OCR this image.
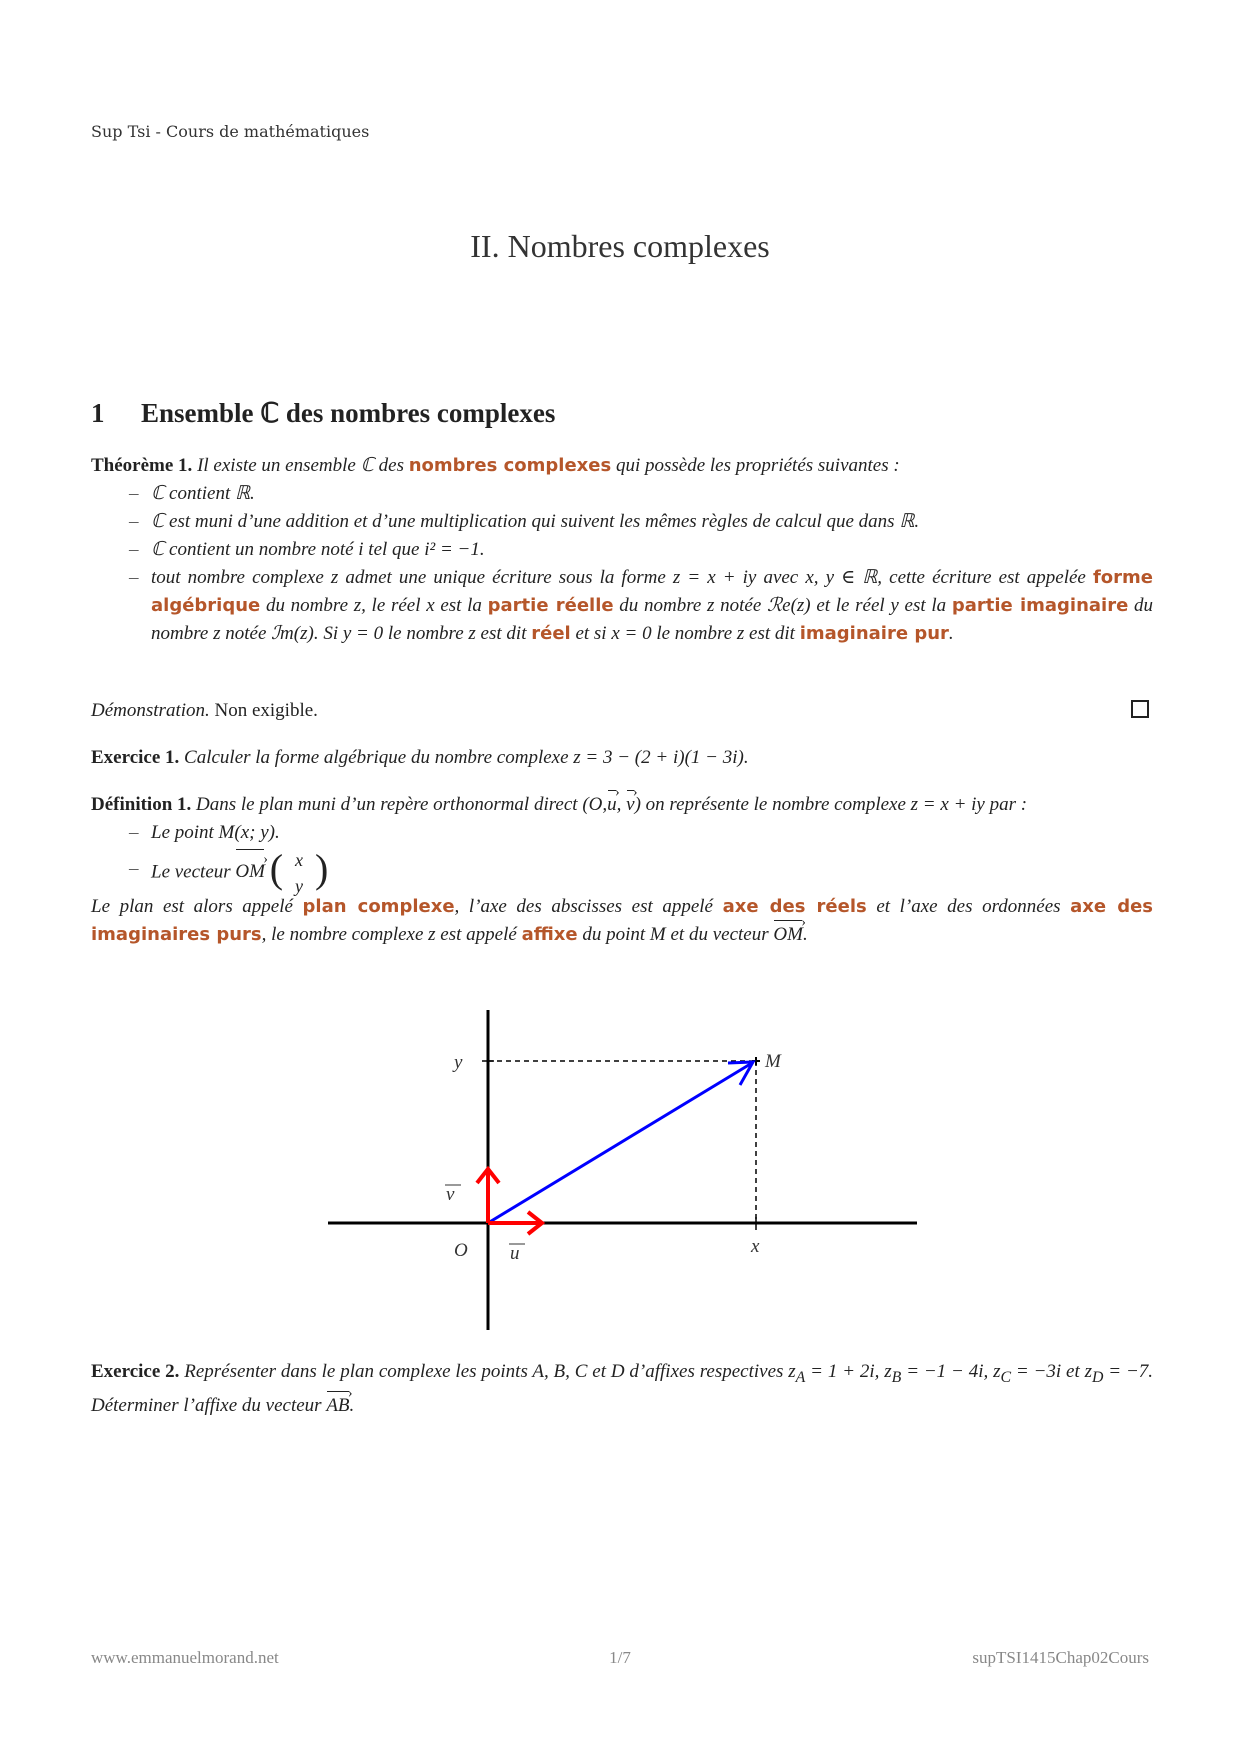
Sup Tsi - Cours de mathématiques
II. Nombres complexes
1 Ensemble ℂ des nombres complexes
Théorème 1. Il existe un ensemble ℂ des nombres complexes qui possède les propriétés suivantes :
– ℂ contient ℝ.
– ℂ est muni d’une addition et d’une multiplication qui suivent les mêmes règles de calcul que dans ℝ.
– ℂ contient un nombre noté i tel que i² = −1.
– tout nombre complexe z admet une unique écriture sous la forme z = x + iy avec x, y ∈ ℝ, cette écriture est appelée forme algébrique du nombre z, le réel x est la partie réelle du nombre z notée ℛe(z) et le réel y est la partie imaginaire du nombre z notée ℐm(z). Si y = 0 le nombre z est dit réel et si x = 0 le nombre z est dit imaginaire pur.
Démonstration. Non exigible.
Exercice 1. Calculer la forme algébrique du nombre complexe z = 3 − (2 + i)(1 − 3i).
Définition 1. Dans le plan muni d’un repère orthonormal direct (O,u ›, v ›) on représente le nombre complexe z = x + iy par :
– Le point M(x; y).
– Le vecteur OM › ( x
y )
Le plan est alors appelé plan complexe, l’axe des abscisses est appelé axe des réels et l’axe des ordonnées axe des imaginaires purs, le nombre complexe z est appelé affixe du point M et du vecteur OM ›.
y	M
v
O u	x
Exercice 2. Représenter dans le plan complexe les points A, B, C et D d’affixes respectives $z_A = 1 + 2i$, $z_B = -1 - 4i$, $z_C = -3i$ et $z_D = -7$. Déterminer l’affixe du vecteur AB ›.
www.emmanuelmorand.net	1/7	supTSI1415Chap02Cours
